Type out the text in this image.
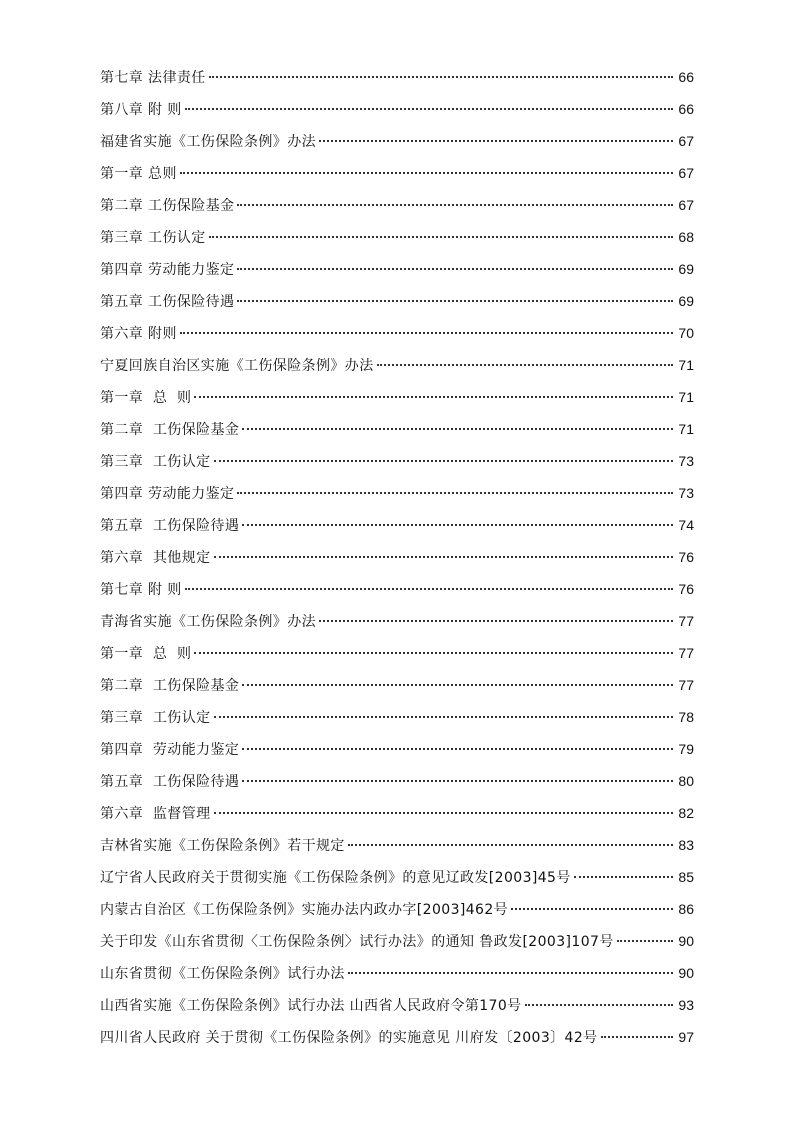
第七章 法律责任	66
第八章 附 则	66
福建省实施《工伤保险条例》办法	67
第一章 总则	67
第二章 工伤保险基金	67
第三章 工伤认定	68
第四章 劳动能力鉴定	69
第五章 工伤保险待遇	69
第六章 附则	70
宁夏回族自治区实施《工伤保险条例》办法	71
第一章  总  则	71
第二章  工伤保险基金	71
第三章  工伤认定	73
第四章 劳动能力鉴定	73
第五章  工伤保险待遇	74
第六章  其他规定	76
第七章 附 则	76
青海省实施《工伤保险条例》办法	77
第一章  总  则	77
第二章  工伤保险基金	77
第三章  工伤认定	78
第四章  劳动能力鉴定	79
第五章  工伤保险待遇	80
第六章  监督管理	82
吉林省实施《工伤保险条例》若干规定	83
辽宁省人民政府关于贯彻实施《工伤保险条例》的意见辽政发[2003]45号	85
内蒙古自治区《工伤保险条例》实施办法内政办字[2003]462号	86
关于印发《山东省贯彻〈工伤保险条例〉试行办法》的通知 鲁政发[2003]107号	90
山东省贯彻《工伤保险条例》试行办法	90
山西省实施《工伤保险条例》试行办法 山西省人民政府令第170号	93
四川省人民政府 关于贯彻《工伤保险条例》的实施意见 川府发〔2003〕42号	97
